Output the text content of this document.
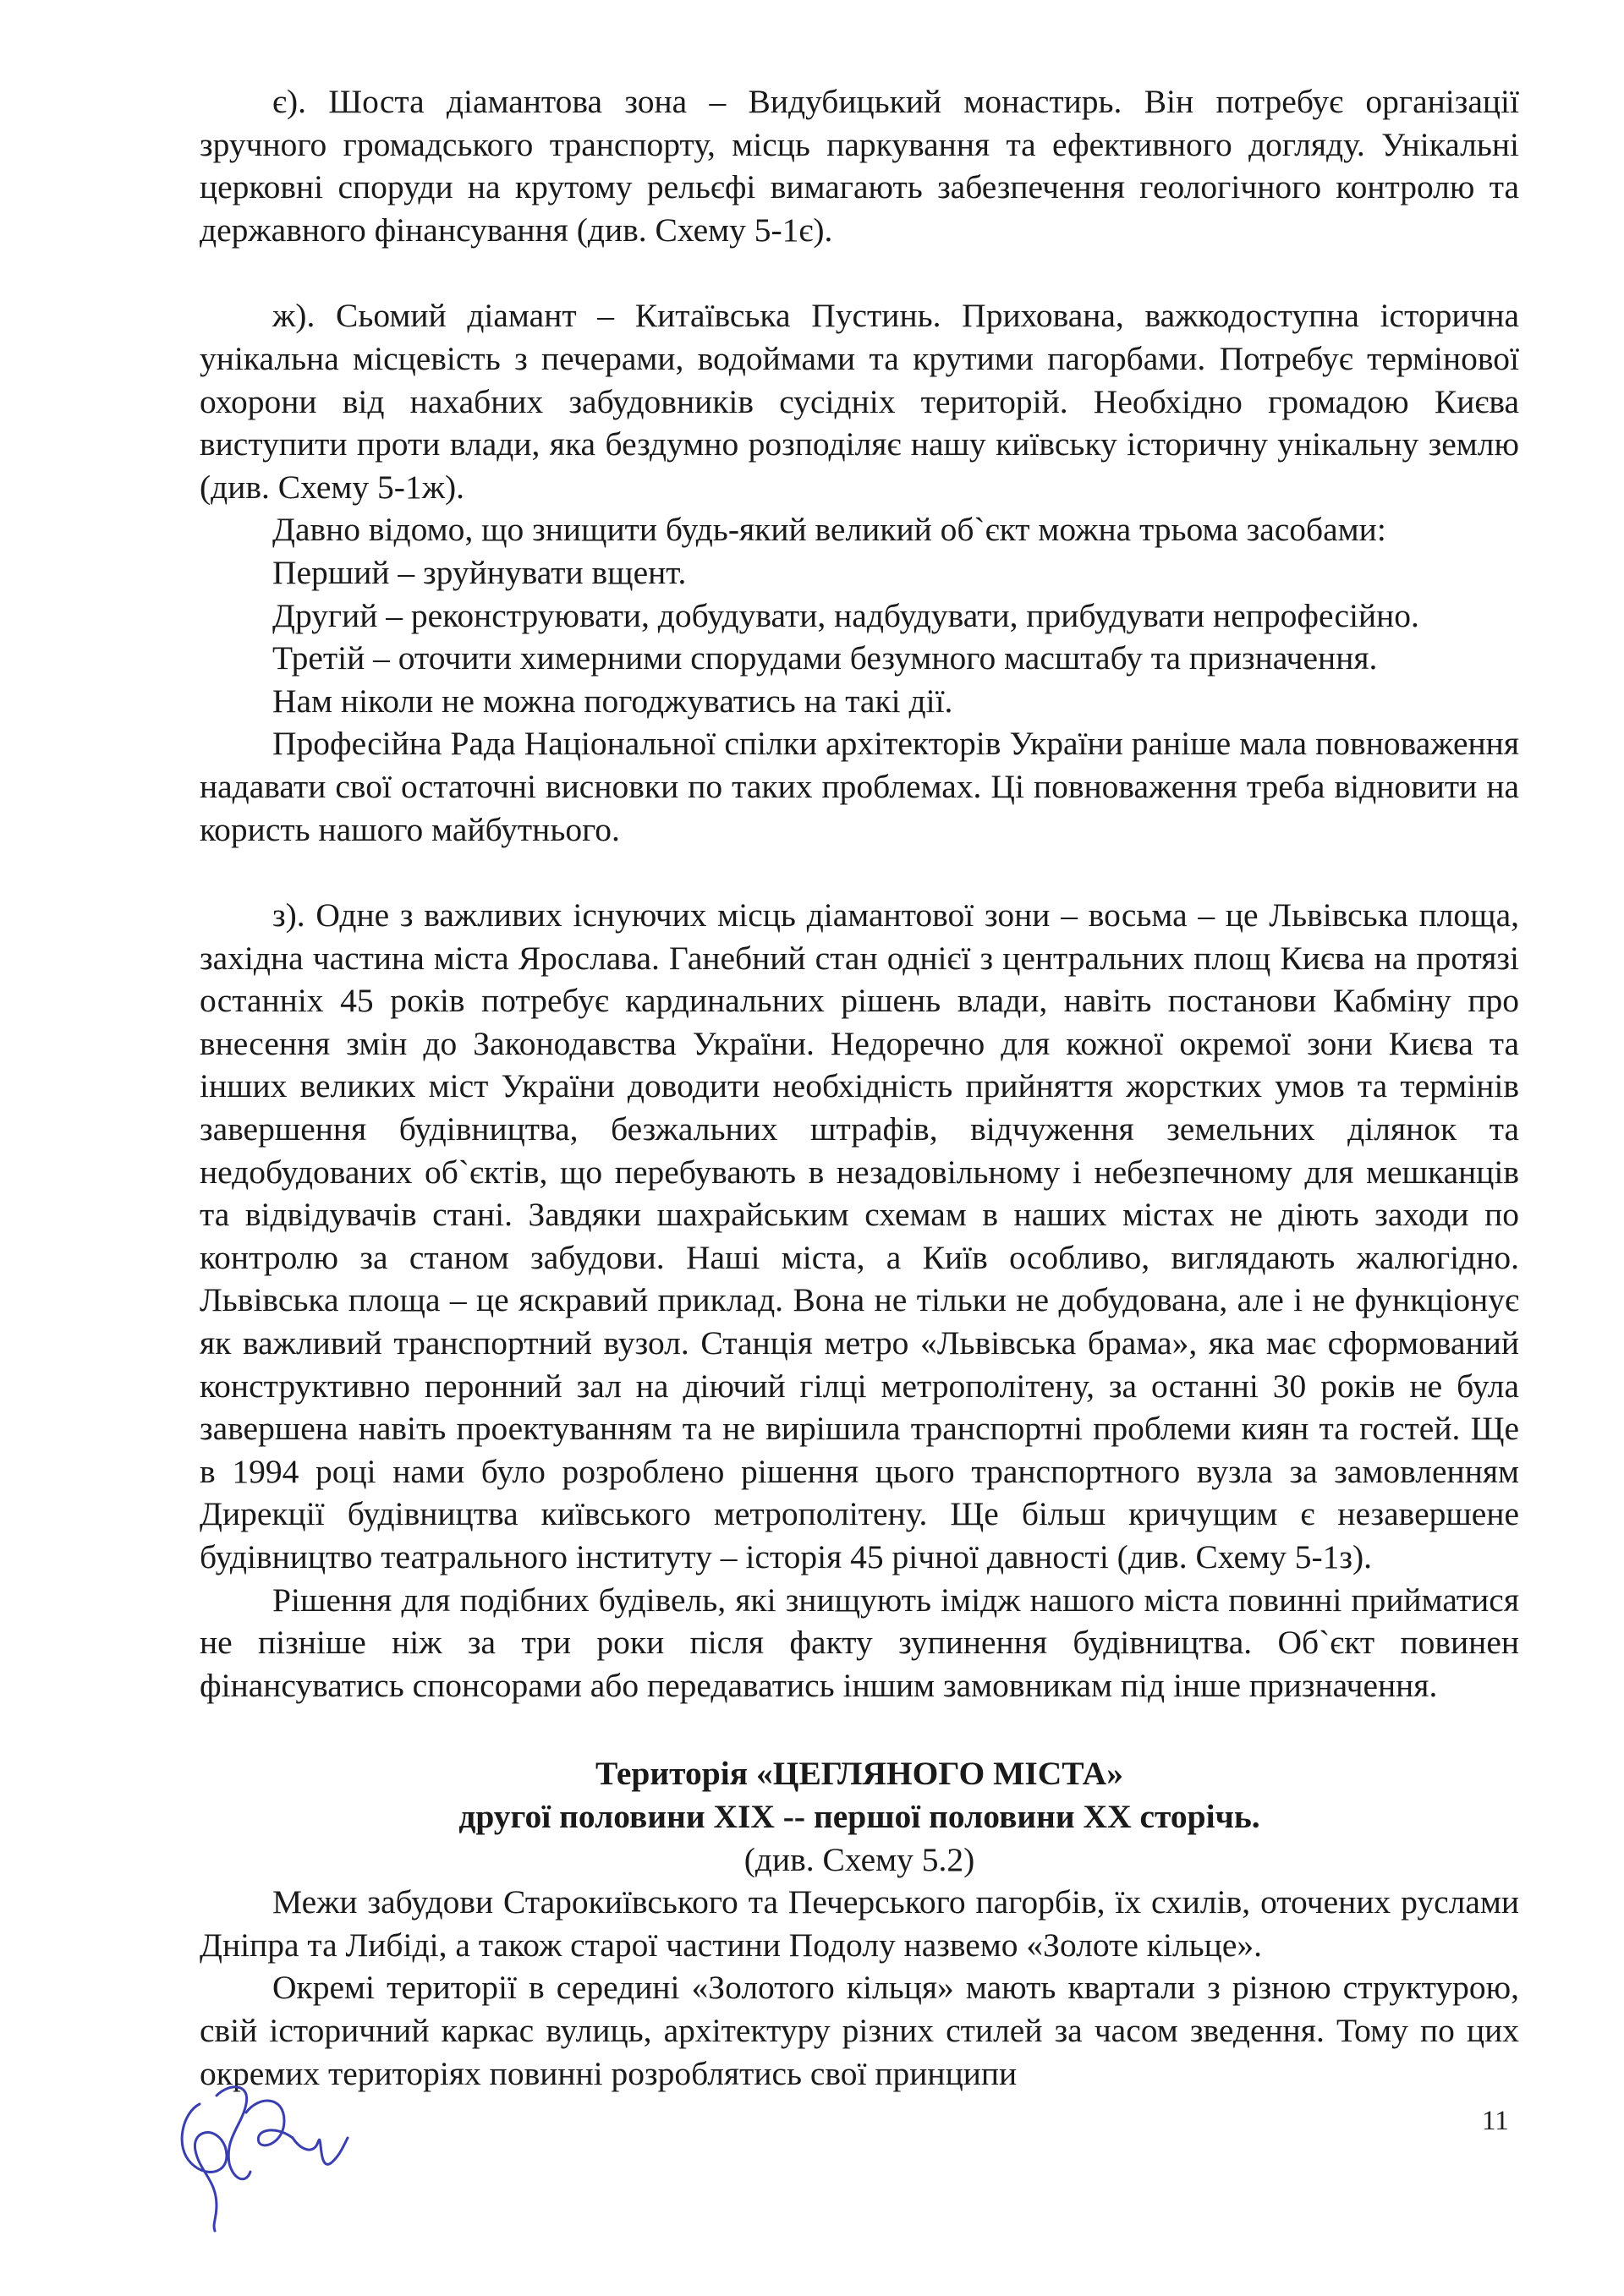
є). Шоста діамантова зона – Видубицький монастирь. Він потребує організації зручного громадського транспорту, місць паркування та ефективного догляду. Унікальні церковні споруди на крутому рельєфі вимагають забезпечення геологічного контролю та державного фінансування (див. Схему 5-1є).

ж). Сьомий діамант – Китаївська Пустинь. Прихована, важкодоступна історична унікальна місцевість з печерами, водоймами та крутими пагорбами. Потребує термінової охорони від нахабних забудовників сусідніх територій. Необхідно громадою Києва виступити проти влади, яка бездумно розподіляє нашу київську історичну унікальну землю (див. Схему 5-1ж).

Давно відомо, що знищити будь-який великий об`єкт можна трьома засобами:

Перший – зруйнувати вщент.

Другий – реконструювати, добудувати, надбудувати, прибудувати непрофесійно.

Третій – оточити химерними спорудами безумного масштабу та призначення.

Нам ніколи не можна погоджуватись на такі дії.

Професійна Рада Національної спілки архітекторів України раніше мала повноваження надавати свої остаточні висновки по таких проблемах. Ці повноваження треба відновити на користь нашого майбутнього.

з). Одне з важливих існуючих місць діамантової зони – восьма – це Львівська площа, західна частина міста Ярослава. Ганебний стан однієї з центральних площ Києва на протязі останніх 45 років потребує кардинальних рішень влади, навіть постанови Кабміну про внесення змін до Законодавства України. Недоречно для кожної окремої зони Києва та інших великих міст України доводити необхідність прийняття жорстких умов та термінів завершення будівництва, безжальних штрафів, відчуження земельних ділянок та недобудованих об`єктів, що перебувають в незадовільному і небезпечному для мешканців та відвідувачів стані. Завдяки шахрайським схемам в наших містах не діють заходи по контролю за станом забудови. Наші міста, а Київ особливо, виглядають жалюгідно. Львівська площа – це яскравий приклад. Вона не тільки не добудована, але і не функціонує як важливий транспортний вузол. Станція метро «Львівська брама», яка має сформований конструктивно перонний зал на діючий гілці метрополітену, за останні 30 років не була завершена навіть проектуванням та не вирішила транспортні проблеми киян та гостей. Ще в 1994 році нами було розроблено рішення цього транспортного вузла за замовленням Дирекції будівництва київського метрополітену. Ще більш кричущим є незавершене будівництво театрального інституту – історія 45 річної давності (див. Схему 5-1з).

Рішення для подібних будівель, які знищують імідж нашого міста повинні прийматися не пізніше ніж за три роки після факту зупинення будівництва. Об`єкт повинен фінансуватись спонсорами або передаватись іншим замовникам під інше призначення.

Територія «ЦЕГЛЯНОГО МІСТА»

другої половини XIX -- першої половини XX сторічь.

(див. Схему 5.2)

Межи забудови Старокиївського та Печерського пагорбів, їх схилів, оточених руслами Дніпра та Либіді, а також старої частини Подолу назвемо «Золоте кільце».

Окремі території в середині «Золотого кільця» мають квартали з різною структурою, свій історичний каркас вулиць, архітектуру різних стилей за часом зведення. Тому по цих окремих територіях повинні розроблятись свої принципи

11
